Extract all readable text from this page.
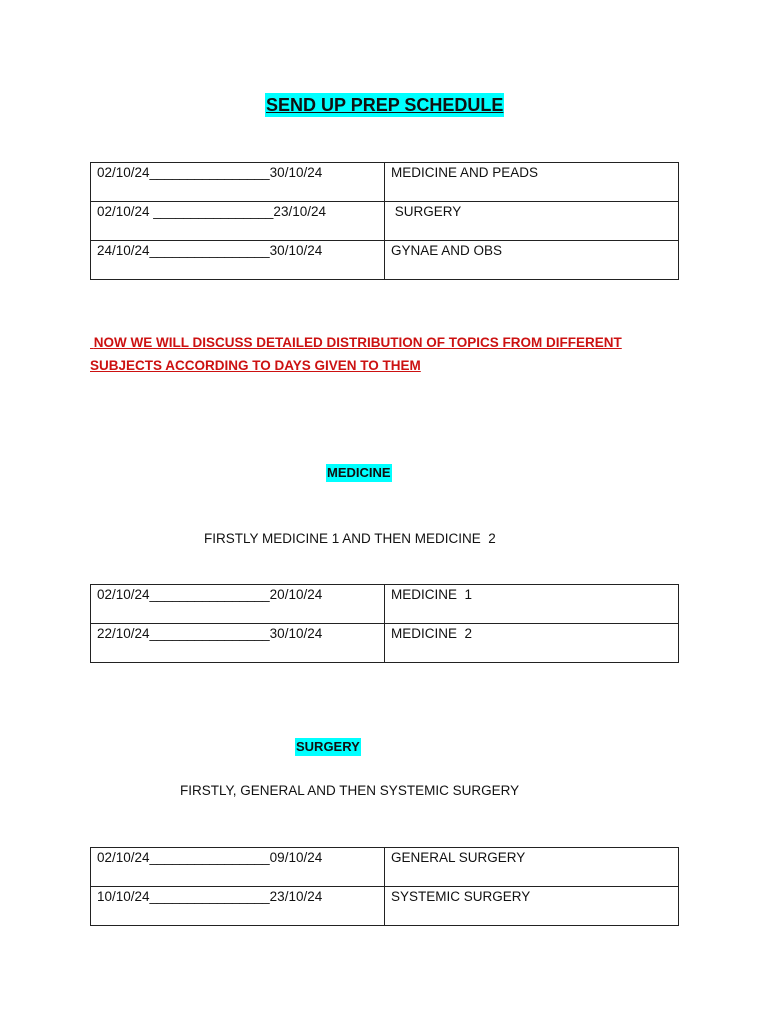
SEND UP PREP SCHEDULE
02/10/24________________30/10/24	MEDICINE AND PEADS
02/10/24 ________________23/10/24	SURGERY
24/10/24________________30/10/24	GYNAE AND OBS
NOW WE WILL DISCUSS DETAILED DISTRIBUTION OF TOPICS FROM DIFFERENT
SUBJECTS ACCORDING TO DAYS GIVEN TO THEM
MEDICINE
FIRSTLY MEDICINE 1 AND THEN MEDICINE  2
02/10/24________________20/10/24	MEDICINE  1
22/10/24________________30/10/24	MEDICINE  2
SURGERY
FIRSTLY, GENERAL AND THEN SYSTEMIC SURGERY
02/10/24________________09/10/24	GENERAL SURGERY
10/10/24________________23/10/24	SYSTEMIC SURGERY
